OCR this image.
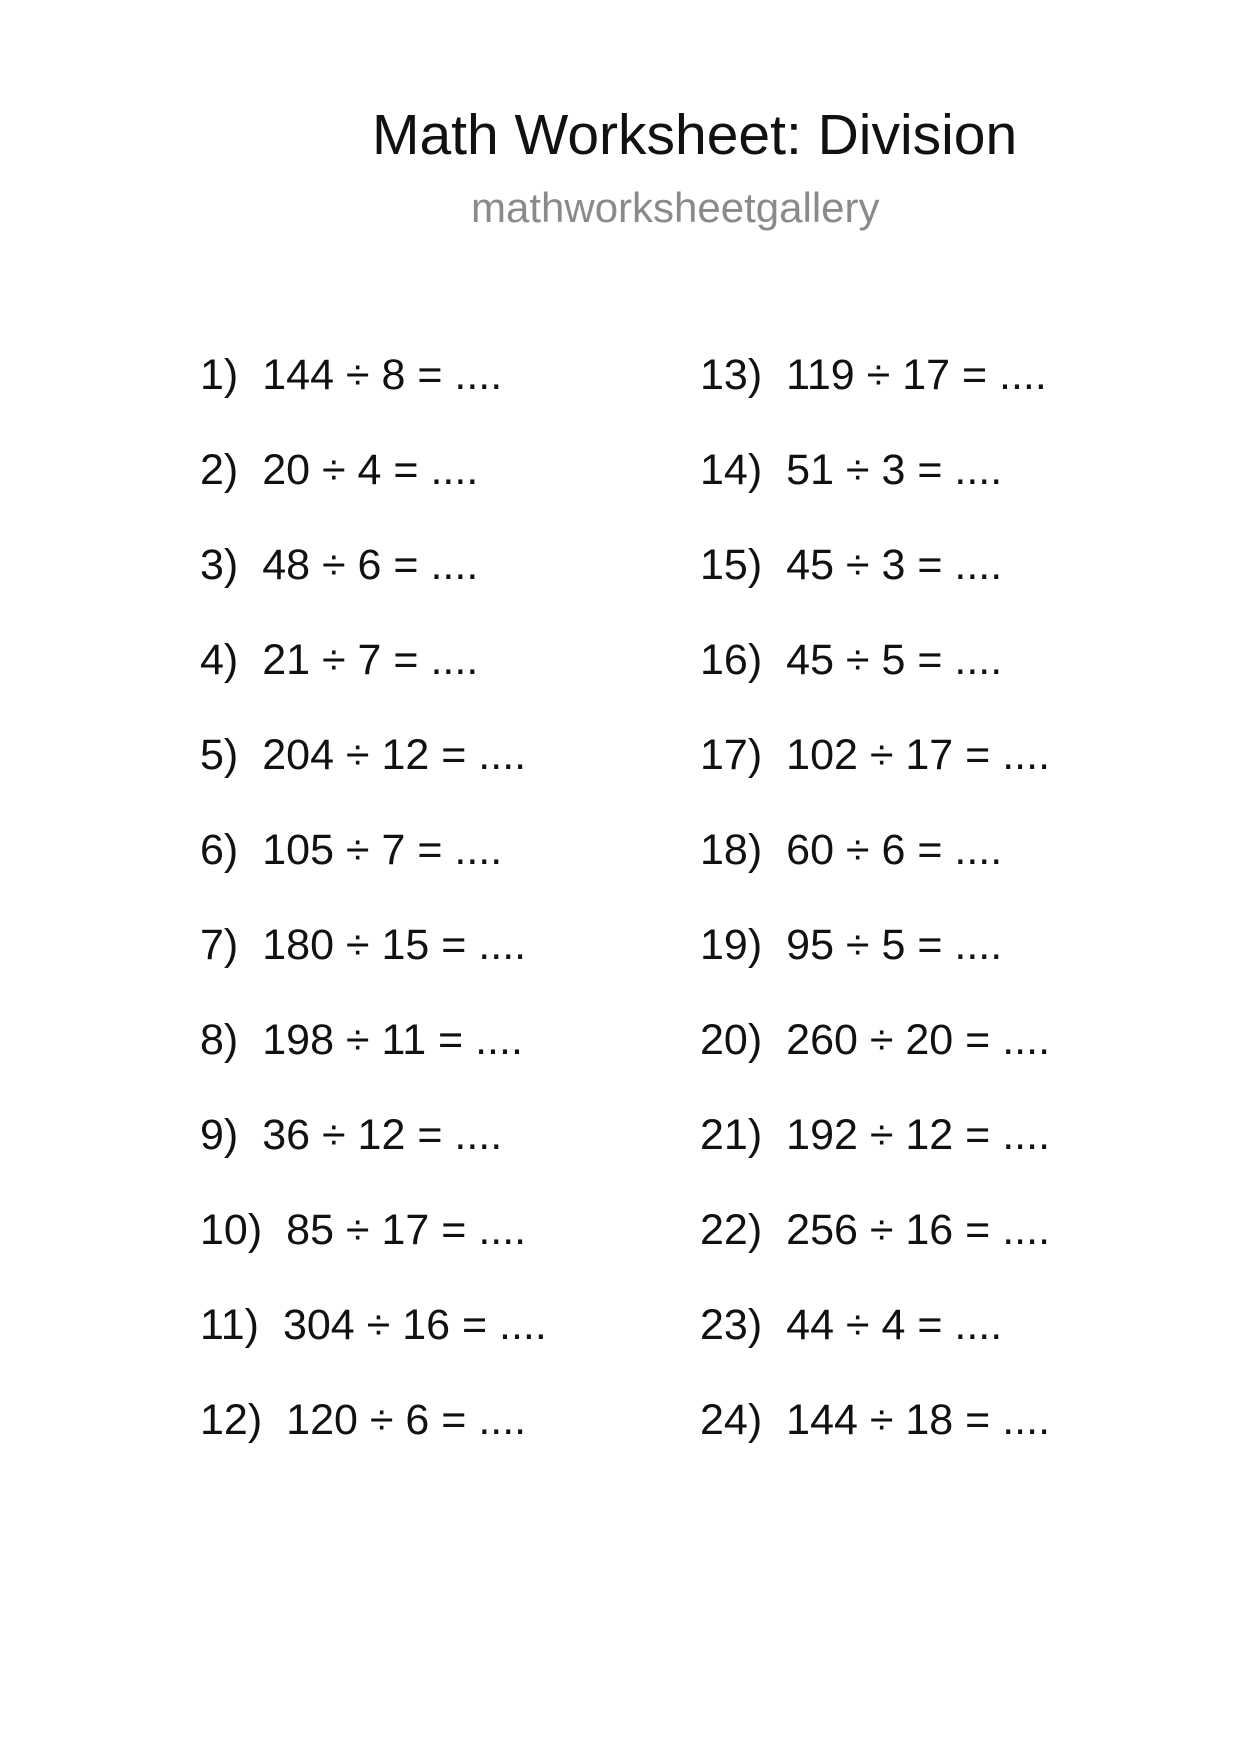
Math Worksheet: Division
mathworksheetgallery
1) 144 ÷ 8 = ....
2) 20 ÷ 4 = ....
3) 48 ÷ 6 = ....
4) 21 ÷ 7 = ....
5) 204 ÷ 12 = ....
6) 105 ÷ 7 = ....
7) 180 ÷ 15 = ....
8) 198 ÷ 11 = ....
9) 36 ÷ 12 = ....
10) 85 ÷ 17 = ....
11) 304 ÷ 16 = ....
12) 120 ÷ 6 = ....
13) 119 ÷ 17 = ....
14) 51 ÷ 3 = ....
15) 45 ÷ 3 = ....
16) 45 ÷ 5 = ....
17) 102 ÷ 17 = ....
18) 60 ÷ 6 = ....
19) 95 ÷ 5 = ....
20) 260 ÷ 20 = ....
21) 192 ÷ 12 = ....
22) 256 ÷ 16 = ....
23) 44 ÷ 4 = ....
24) 144 ÷ 18 = ....
